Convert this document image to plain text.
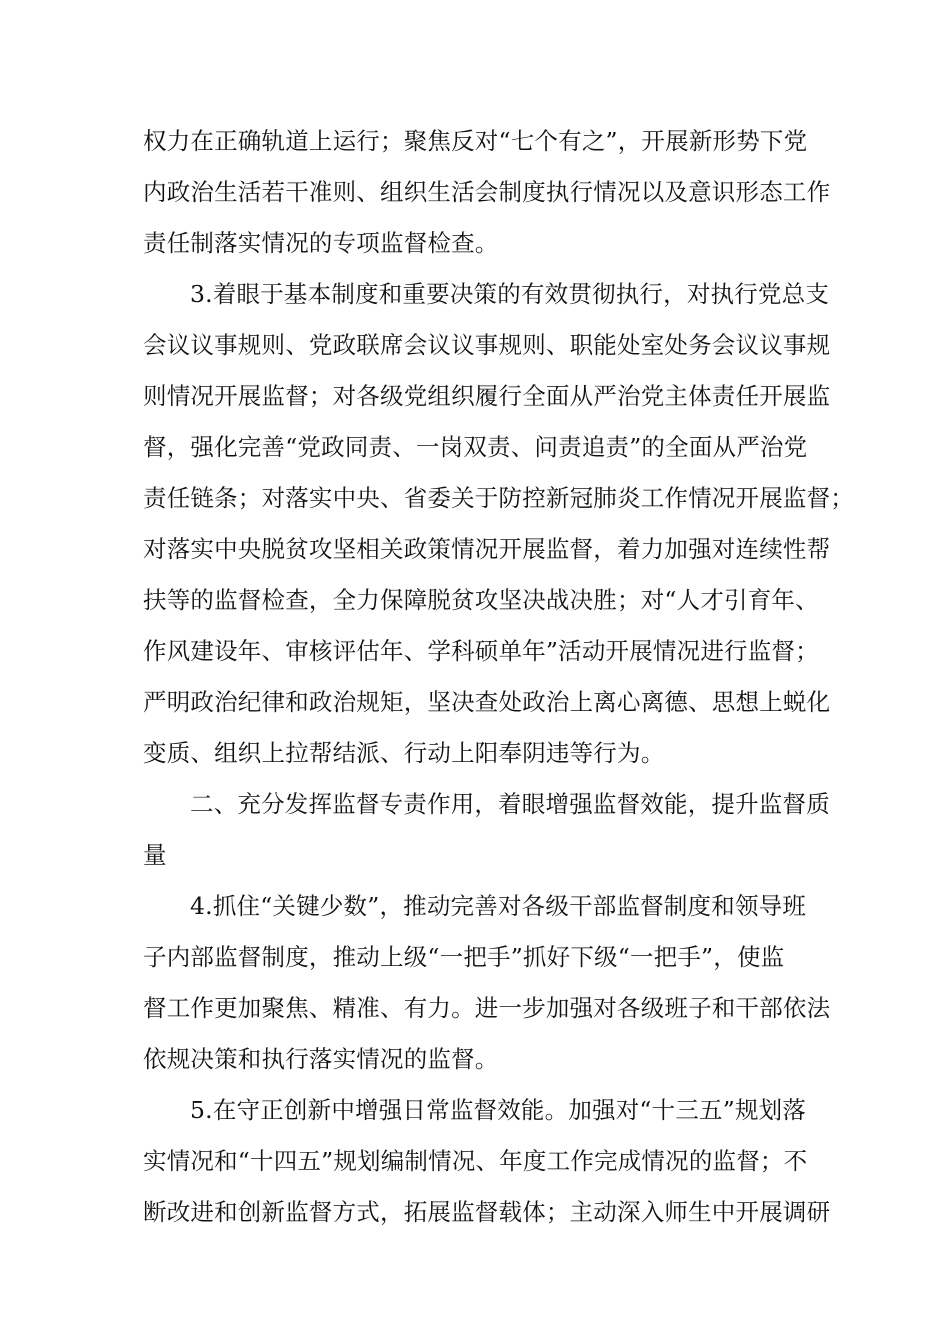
权力在正确轨道上运行；聚焦反对“七个有之”，开展新形势下党
内政治生活若干准则、组织生活会制度执行情况以及意识形态工作
责任制落实情况的专项监督检查。
3.着眼于基本制度和重要决策的有效贯彻执行，对执行党总支
会议议事规则、党政联席会议议事规则、职能处室处务会议议事规
则情况开展监督；对各级党组织履行全面从严治党主体责任开展监
督，强化完善“党政同责、一岗双责、问责追责”的全面从严治党
责任链条；对落实中央、省委关于防控新冠肺炎工作情况开展监督；
对落实中央脱贫攻坚相关政策情况开展监督，着力加强对连续性帮
扶等的监督检查，全力保障脱贫攻坚决战决胜；对“人才引育年、
作风建设年、审核评估年、学科硕单年”活动开展情况进行监督；
严明政治纪律和政治规矩，坚决查处政治上离心离德、思想上蜕化
变质、组织上拉帮结派、行动上阳奉阴违等行为。
二、充分发挥监督专责作用，着眼增强监督效能，提升监督质
量
4.抓住“关键少数”，推动完善对各级干部监督制度和领导班
子内部监督制度，推动上级“一把手”抓好下级“一把手”，使监
督工作更加聚焦、精准、有力。进一步加强对各级班子和干部依法
依规决策和执行落实情况的监督。
5.在守正创新中增强日常监督效能。加强对“十三五”规划落
实情况和“十四五”规划编制情况、年度工作完成情况的监督；不
断改进和创新监督方式，拓展监督载体；主动深入师生中开展调研
